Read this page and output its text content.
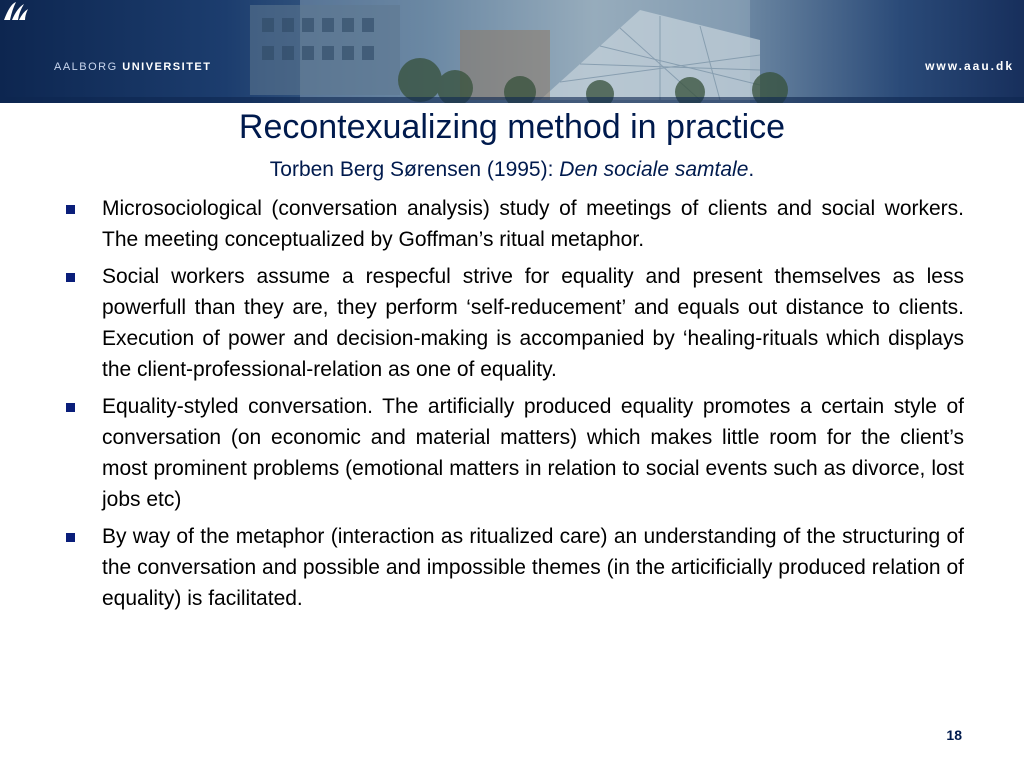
AALBORG UNIVERSITET	www.aau.dk
Recontexualizing method in practice
Torben Berg Sørensen (1995): Den sociale samtale.
Microsociological (conversation analysis) study of meetings of clients and social workers. The meeting conceptualized by Goffman’s ritual metaphor.
Social workers assume a respecful strive for equality and present themselves as less powerfull than they are, they perform ‘self-reducement’ and equals out distance to clients. Execution of power and decision-making is accompanied by ‘healing-rituals which displays the client-professional-relation as one of equality.
Equality-styled conversation. The artificially produced equality promotes a certain style of conversation (on economic and material matters) which makes little room for the client’s most prominent problems (emotional matters in relation to social events such as divorce, lost jobs etc)
By way of the metaphor (interaction as ritualized care) an understanding of the structuring of the conversation and possible and impossible themes (in the articificially produced relation of equality) is facilitated.
18
